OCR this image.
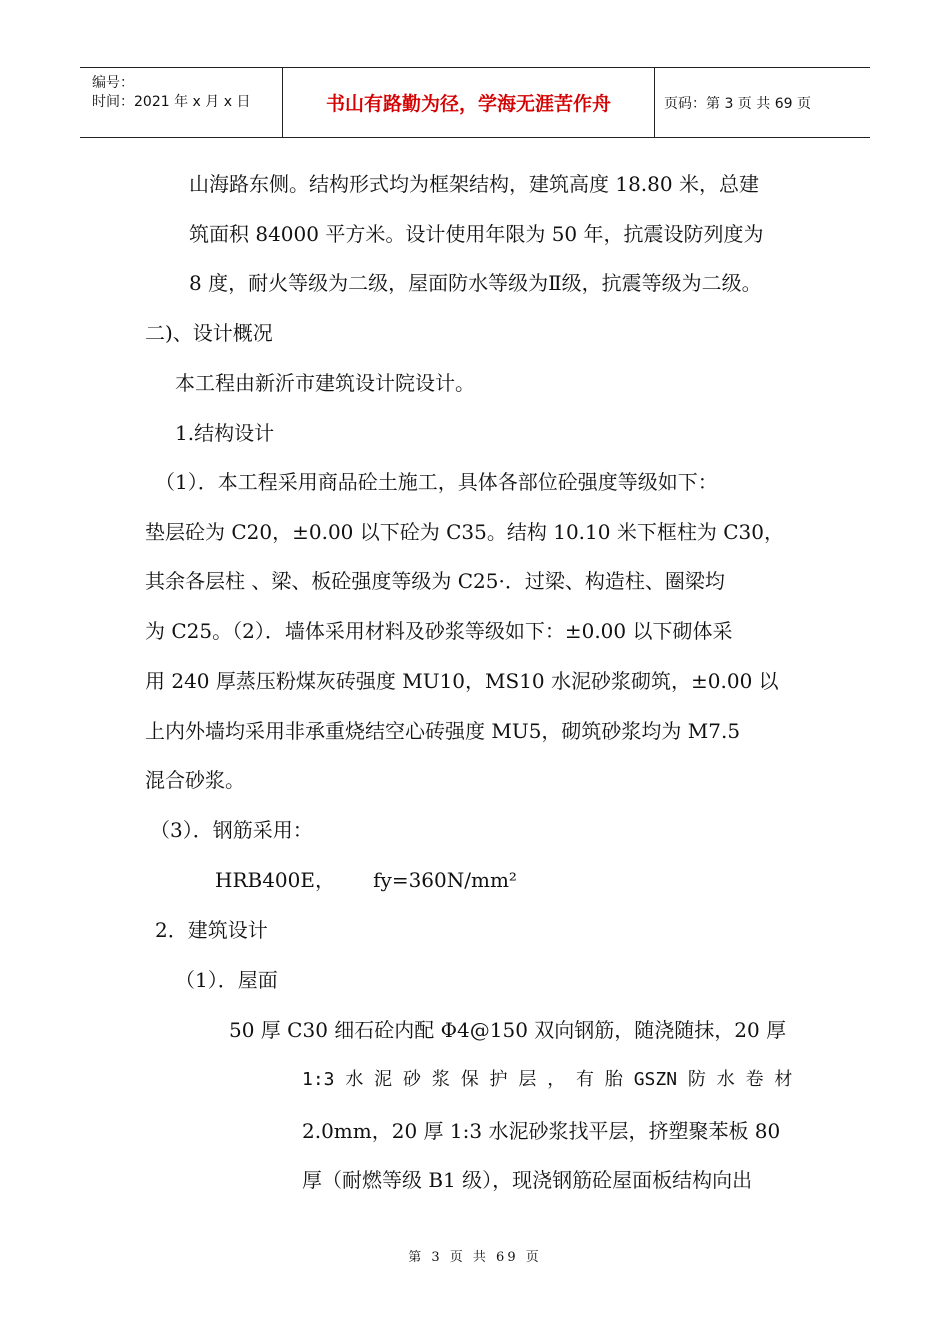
编号：
时间：2021 年 x 月 x 日	书山有路勤为径，学海无涯苦作舟	页码：第 3 页 共 69 页
山海路东侧。结构形式均为框架结构，建筑高度 18.80 米，总建
筑面积 84000 平方米。设计使用年限为 50 年，抗震设防列度为
8 度，耐火等级为二级，屋面防水等级为Ⅱ级，抗震等级为二级。
二)、设计概况
本工程由新沂市建筑设计院设计。
1.结构设计
（1）．本工程采用商品砼土施工，具体各部位砼强度等级如下：
垫层砼为 C20，±0.00 以下砼为 C35。结构 10.10 米下框柱为 C30，
其余各层柱 、梁、板砼强度等级为 C25·．过梁、构造柱、圈梁均
为 C25。（2）．墙体采用材料及砂浆等级如下：±0.00 以下砌体采
用 240 厚蒸压粉煤灰砖强度 MU10，MS10 水泥砂浆砌筑，±0.00 以
上内外墙均采用非承重烧结空心砖强度 MU5，砌筑砂浆均为 M7.5
混合砂浆。
（3）．钢筋采用：
HRB400E，      fy=360N/mm²
2．建筑设计
（1）．屋面
50 厚 C30 细石砼内配 Φ4@150 双向钢筋，随浇随抹，20 厚
1:3 水 泥 砂 浆 保 护 层 ， 有 胎 GSZN 防 水 卷 材
2.0mm，20 厚 1:3 水泥砂浆找平层，挤塑聚苯板 80
厚（耐燃等级 B1 级），现浇钢筋砼屋面板结构向出
第 3 页 共 69 页
